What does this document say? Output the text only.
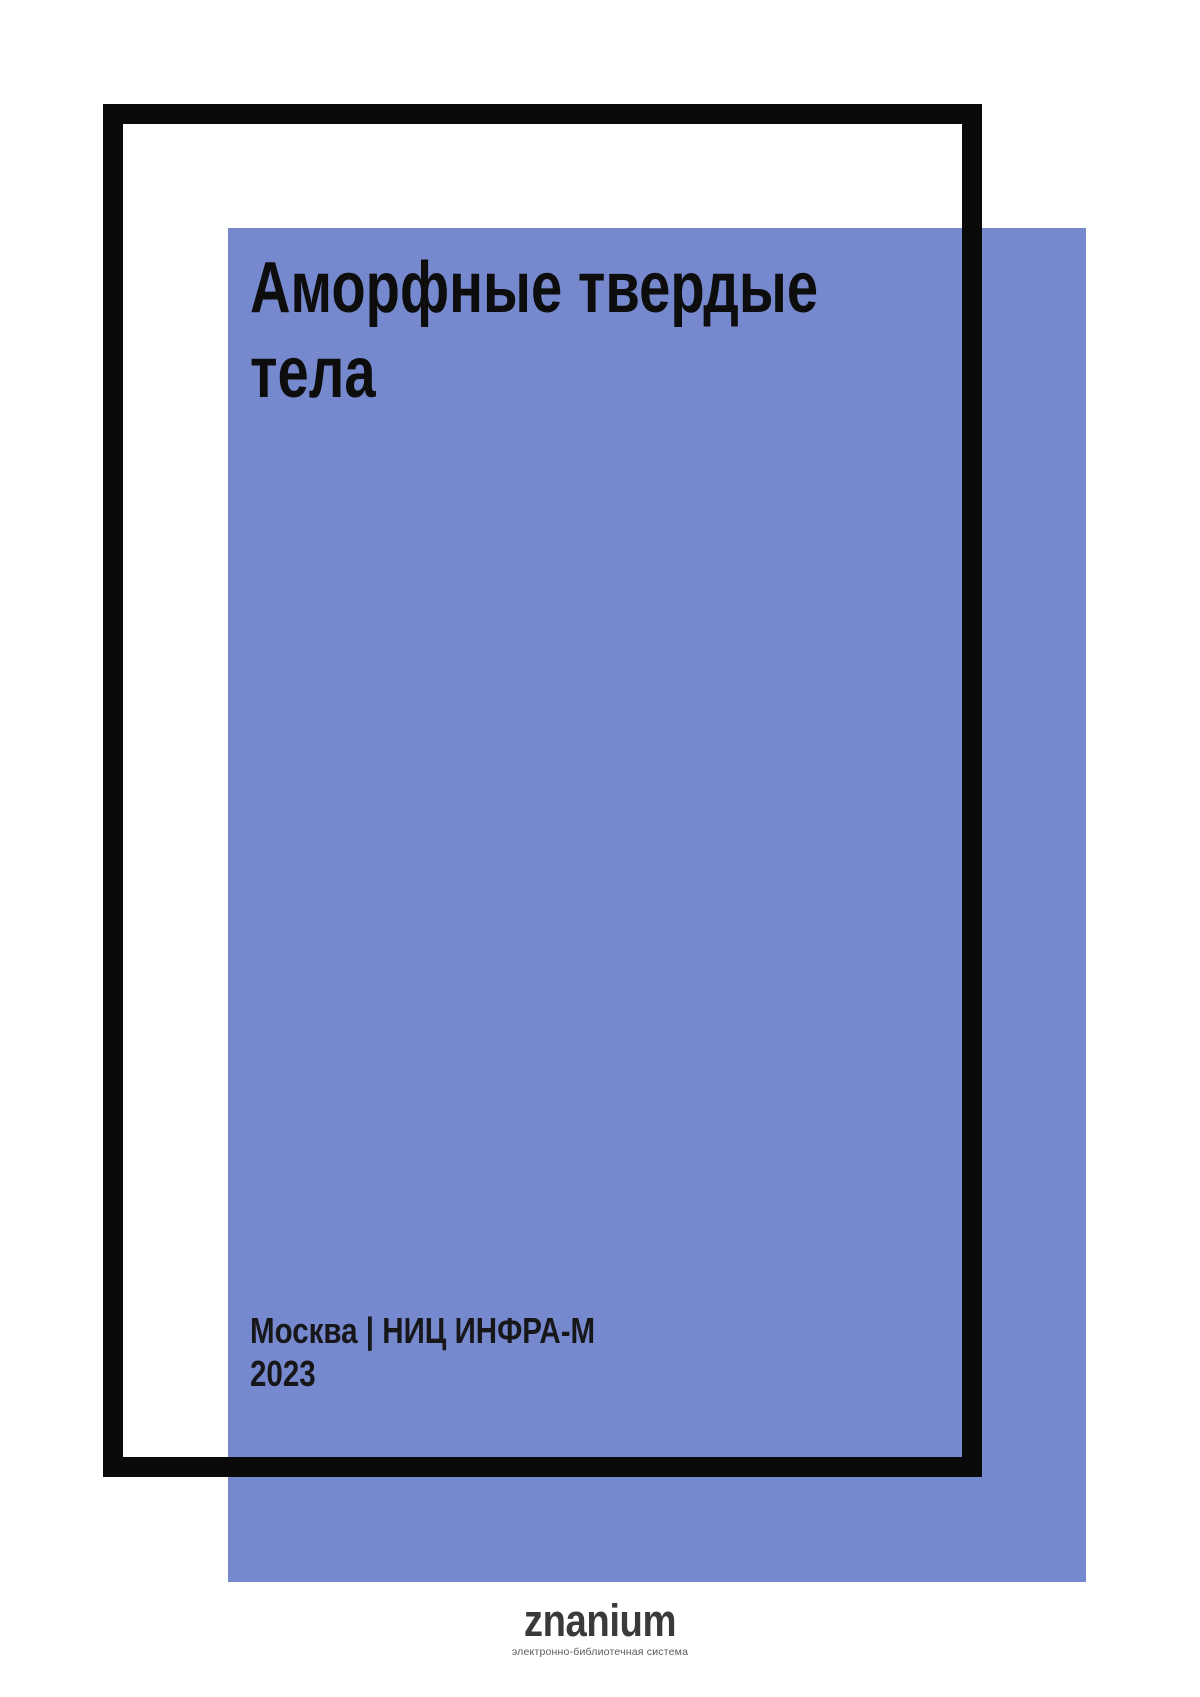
Аморфные твердые
тела
Москва | НИЦ ИНФРА-М
2023
znanium
электронно-библиотечная система
